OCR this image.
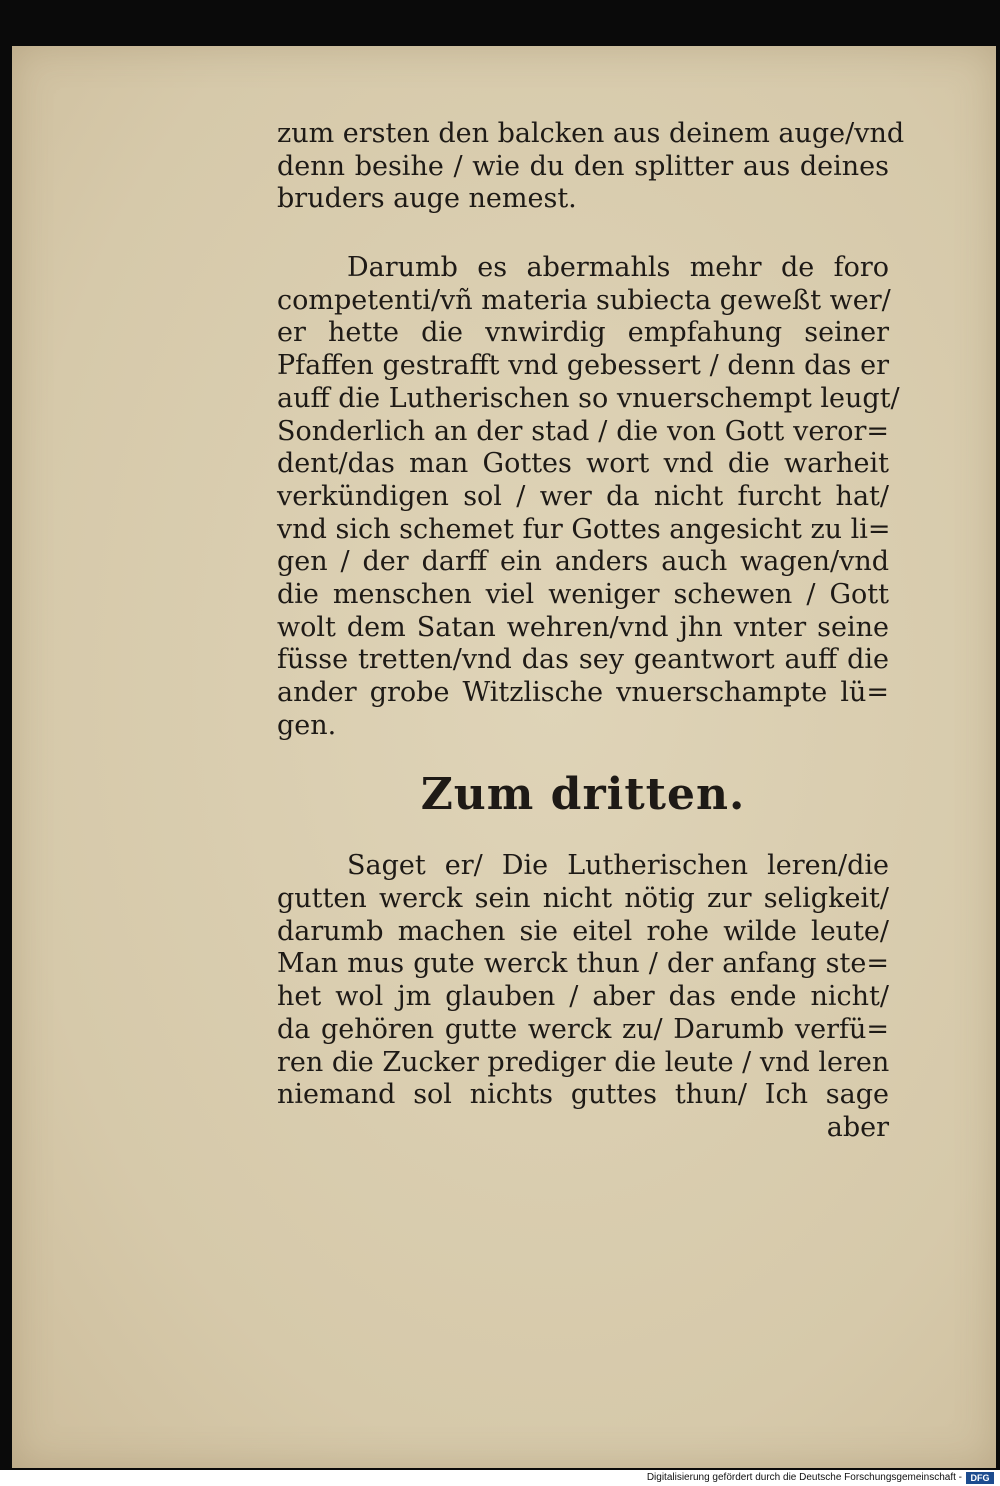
zum ersten den balcken aus deinem auge/vnd
denn besihe / wie du den splitter aus deines
bruders auge nemest.
Darumb es abermahls mehr de foro
competenti/vñ materia subiecta geweßt wer/
er hette die vnwirdig empfahung seiner
Pfaffen gestrafft vnd gebessert / denn das er
auff die Lutherischen so vnuerschempt leugt/
Sonderlich an der stad / die von Gott veror=
dent/das man Gottes wort vnd die warheit
verkündigen sol / wer da nicht furcht hat/
vnd sich schemet fur Gottes angesicht zu li=
gen / der darff ein anders auch wagen/vnd
die menschen viel weniger schewen / Gott
wolt dem Satan wehren/vnd jhn vnter seine
füsse tretten/vnd das sey geantwort auff die
ander grobe Witzlische vnuerschampte lü=
gen.
Zum dritten.
Saget er/ Die Lutherischen leren/die
gutten werck sein nicht nötig zur seligkeit/
darumb machen sie eitel rohe wilde leute/
Man mus gute werck thun / der anfang ste=
het wol jm glauben / aber das ende nicht/
da gehören gutte werck zu/ Darumb verfü=
ren die Zucker prediger die leute / vnd leren
niemand sol nichts guttes thun/ Ich sage
aber
Digitalisierung gefördert durch die Deutsche Forschungsgemeinschaft - DFG
